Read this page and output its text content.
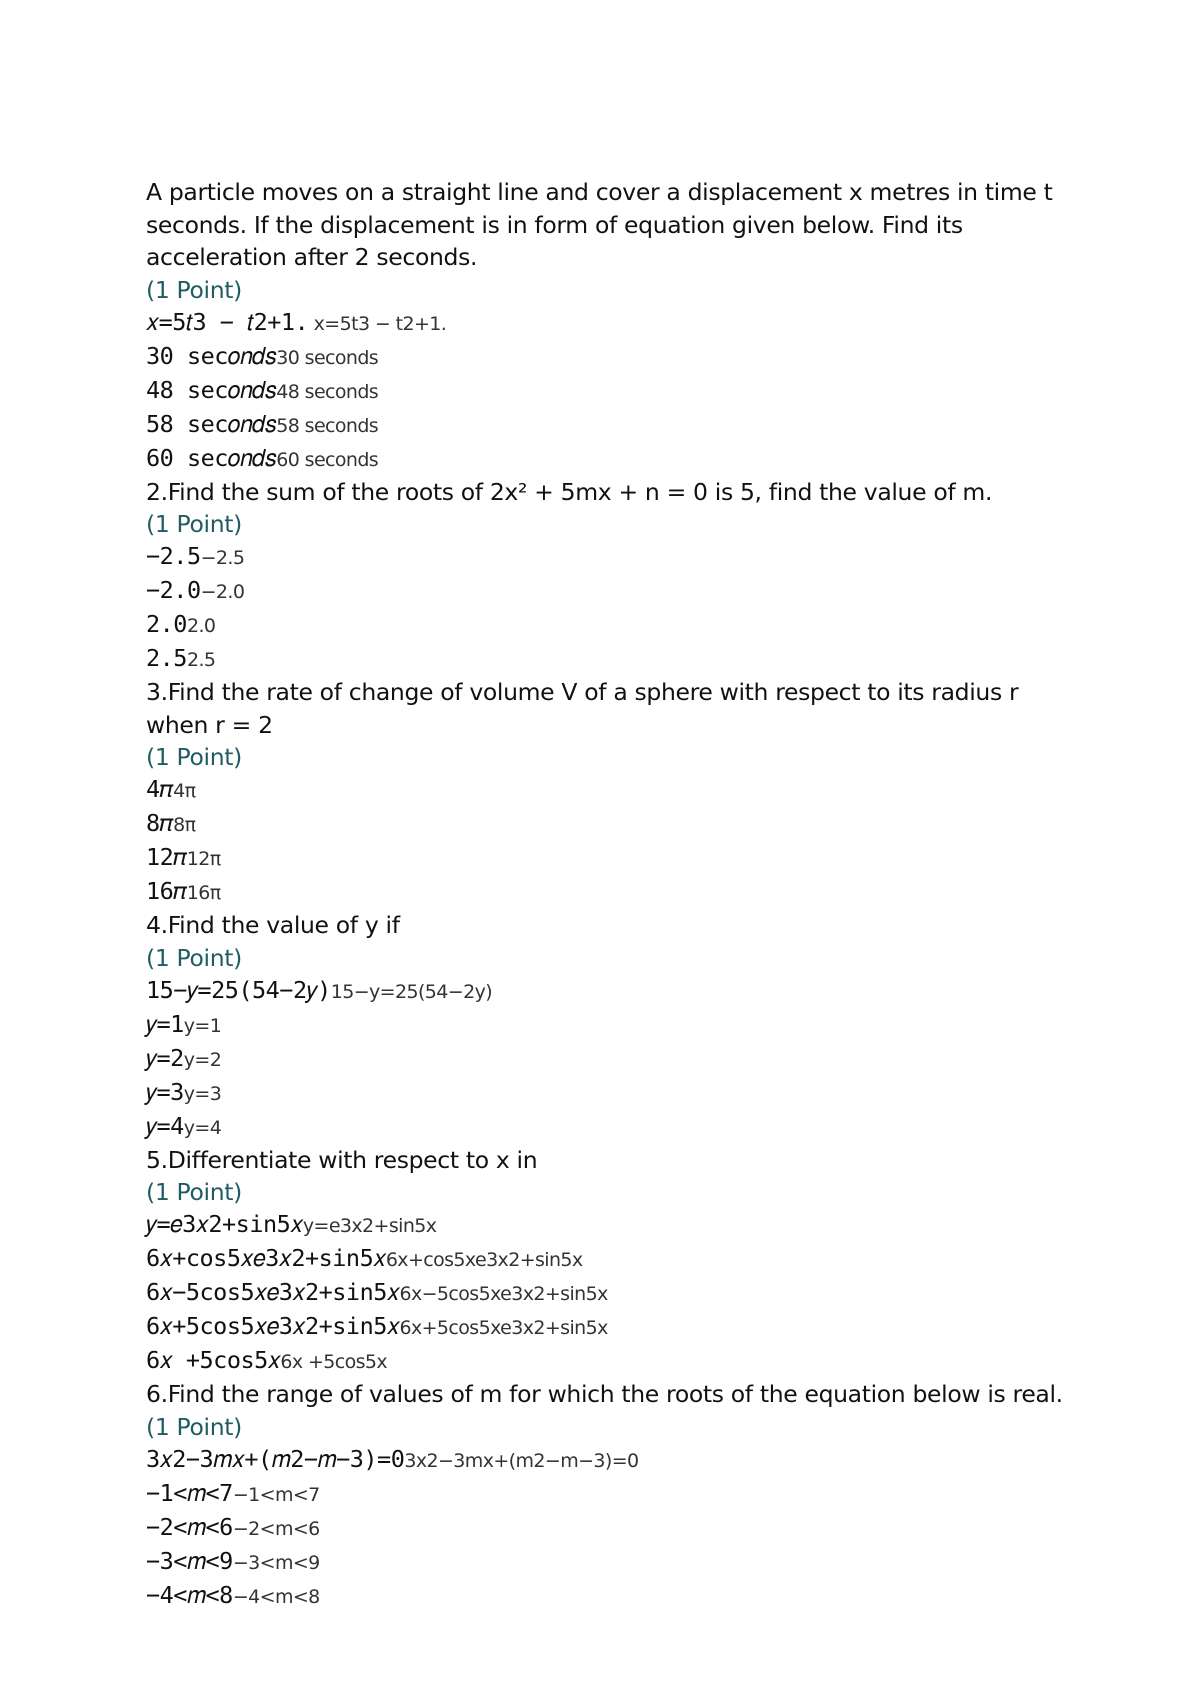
A particle moves on a straight line and cover a displacement x metres in time t seconds. If the displacement is in form of equation given below. Find its acceleration after 2 seconds.
(1 Point)
𝑥=5𝑡3 − 𝑡2+1. x=5t3 − t2+1.
30 sec𝑜𝑛𝑑𝑠30 seconds
48 sec𝑜𝑛𝑑𝑠48 seconds
58 sec𝑜𝑛𝑑𝑠58 seconds
60 sec𝑜𝑛𝑑𝑠60 seconds
2.Find the sum of the roots of 2x² + 5mx + n = 0 is 5, find the value of m.
(1 Point)
−2.5−2.5
−2.0−2.0
2.02.0
2.52.5
3.Find the rate of change of volume V of a sphere with respect to its radius r when r = 2
(1 Point)
4𝜋4π
8𝜋8π
12𝜋12π
16𝜋16π
4.Find the value of y if
(1 Point)
15−𝑦=25(54−2𝑦)15−y=25(54−2y)
𝑦=1y=1
𝑦=2y=2
𝑦=3y=3
𝑦=4y=4
5.Differentiate with respect to x in
(1 Point)
𝑦=𝑒3𝑥2+sin5𝑥y=e3x2+sin5x
6𝑥+cos5𝑥𝑒3𝑥2+sin5𝑥6x+cos5xe3x2+sin5x
6𝑥−5cos5𝑥𝑒3𝑥2+sin5𝑥6x−5cos5xe3x2+sin5x
6𝑥+5cos5𝑥𝑒3𝑥2+sin5𝑥6x+5cos5xe3x2+sin5x
6𝑥 +5cos5𝑥6x +5cos5x
6.Find the range of values of m for which the roots of the equation below is real.
(1 Point)
3𝑥2−3𝑚𝑥+(𝑚2−𝑚−3)=03x2−3mx+(m2−m−3)=0
−1<𝑚<7−1<m<7
−2<𝑚<6−2<m<6
−3<𝑚<9−3<m<9
−4<𝑚<8−4<m<8
